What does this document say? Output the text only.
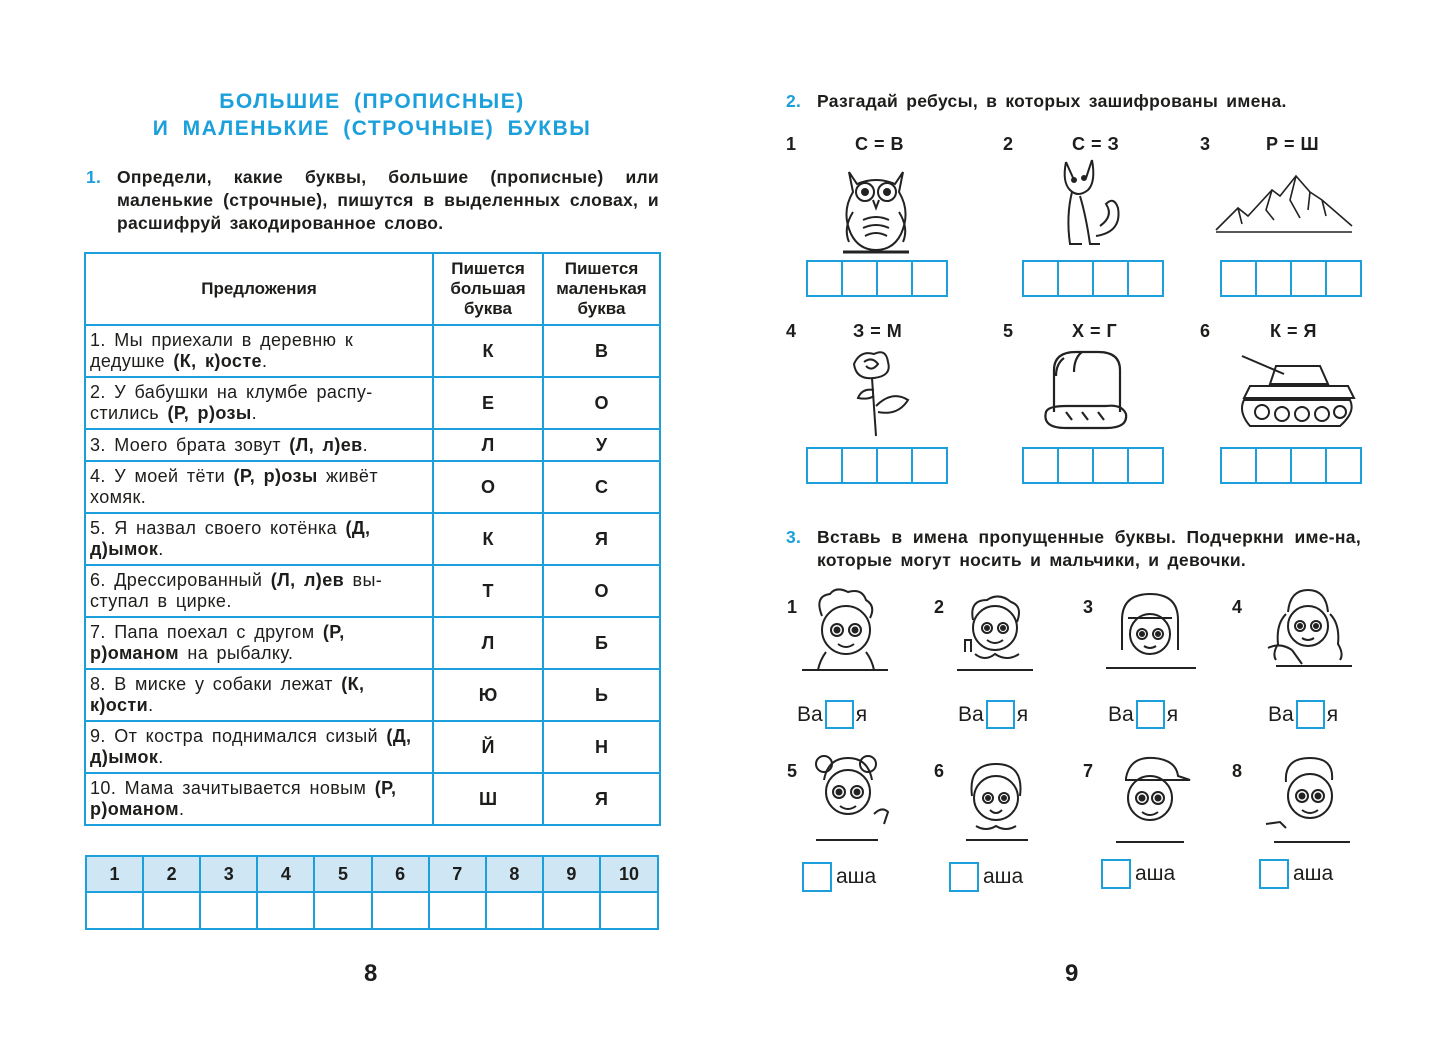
БОЛЬШИЕ (ПРОПИСНЫЕ)
И МАЛЕНЬКИЕ (СТРОЧНЫЕ) БУКВЫ
1. Определи, какие буквы, большие (прописные) или маленькие (строчные), пишутся в выделенных словах, и расшифруй закодированное слово.
Предложения	Пишется большая буква	Пишется маленькая буква
1. Мы приехали в деревню к дедушке (К, к)осте.	К	В
2. У бабушки на клумбе распу-стились (Р, р)озы.	Е	О
3. Моего брата зовут (Л, л)ев.	Л	У
4. У моей тёти (Р, р)озы живёт хомяк.	О	С
5. Я назвал своего котёнка (Д, д)ымок.	К	Я
6. Дрессированный (Л, л)ев вы-ступал в цирке.	Т	О
7. Папа поехал с другом (Р, р)оманом на рыбалку.	Л	Б
8. В миске у собаки лежат (К, к)ости.	Ю	Ь
9. От костра поднимался сизый (Д, д)ымок.	Й	Н
10. Мама зачитывается новым (Р, р)оманом.	Ш	Я
1	2	3	4	5	6	7	8	9	10

8
2. Разгадай ребусы, в которых зашифрованы имена.
1	С = В	2	С = З	3	Р = Ш
4	З = М	5	Х = Г	6	К = Я
3. Вставь в имена пропущенные буквы. Подчеркни име-на, которые могут носить и мальчики, и девочки.
1	2	3	4
Ва я	Ва я	Ва я	Ва я
5	6	7	8
аша	аша	аша	аша
9
